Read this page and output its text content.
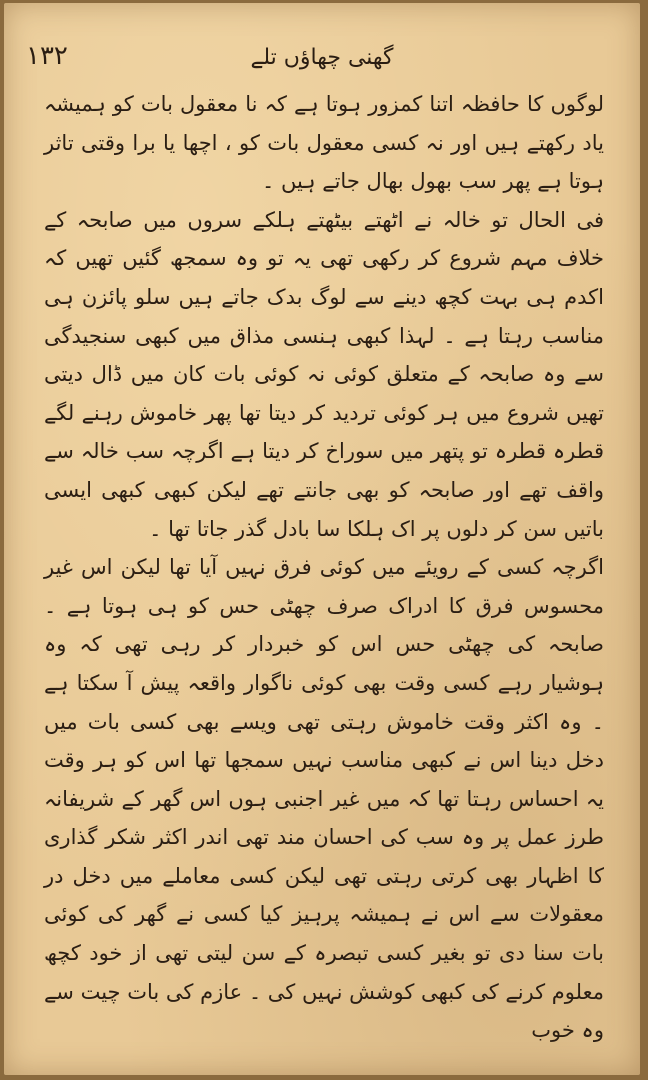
۱۳۲	گھنی چھاؤں تلے

لوگوں کا حافظہ اتنا کمزور ہوتا ہے کہ نا معقول بات کو ہمیشہ یاد رکھتے ہیں اور نہ کسی معقول بات کو ، اچھا یا برا وقتی تاثر ہوتا ہے پھر سب بھول بھال جاتے ہیں ۔

فی الحال تو خالہ نے اٹھتے بیٹھتے ہلکے سروں میں صابحہ کے خلاف مہم شروع کر رکھی تھی یہ تو وہ سمجھ گئیں تھیں کہ اکدم ہی بہت کچھ دینے سے لوگ بدک جاتے ہیں سلو پائزن ہی مناسب رہتا ہے ۔ لہذا کبھی ہنسی مذاق میں کبھی سنجیدگی سے وہ صابحہ کے متعلق کوئی نہ کوئی بات کان میں ڈال دیتی تھیں شروع میں ہر کوئی تردید کر دیتا تھا پھر خاموش رہنے لگے قطرہ قطرہ تو پتھر میں سوراخ کر دیتا ہے اگرچہ سب خالہ سے واقف تھے اور صابحہ کو بھی جانتے تھے لیکن کبھی کبھی ایسی باتیں سن کر دلوں پر اک ہلکا سا بادل گذر جاتا تھا ۔

اگرچہ کسی کے رویئے میں کوئی فرق نہیں آیا تھا لیکن اس غیر محسوس فرق کا ادراک صرف چھٹی حس کو ہی ہوتا ہے ۔ صابحہ کی چھٹی حس اس کو خبردار کر رہی تھی کہ وہ ہوشیار رہے کسی وقت بھی کوئی ناگوار واقعہ پیش آ سکتا ہے ۔ وہ اکثر وقت خاموش رہتی تھی ویسے بھی کسی بات میں دخل دینا اس نے کبھی مناسب نہیں سمجھا تھا اس کو ہر وقت یہ احساس رہتا تھا کہ میں غیر اجنبی ہوں اس گھر کے شریفانہ طرز عمل پر وہ سب کی احسان مند تھی اندر اکثر شکر گذاری کا اظہار بھی کرتی رہتی تھی لیکن کسی معاملے میں دخل در معقولات سے اس نے ہمیشہ پرہیز کیا کسی نے گھر کی کوئی بات سنا دی تو بغیر کسی تبصرہ کے سن لیتی تھی از خود کچھ معلوم کرنے کی کبھی کوشش نہیں کی ۔ عازم کی بات چیت سے وہ خوب
